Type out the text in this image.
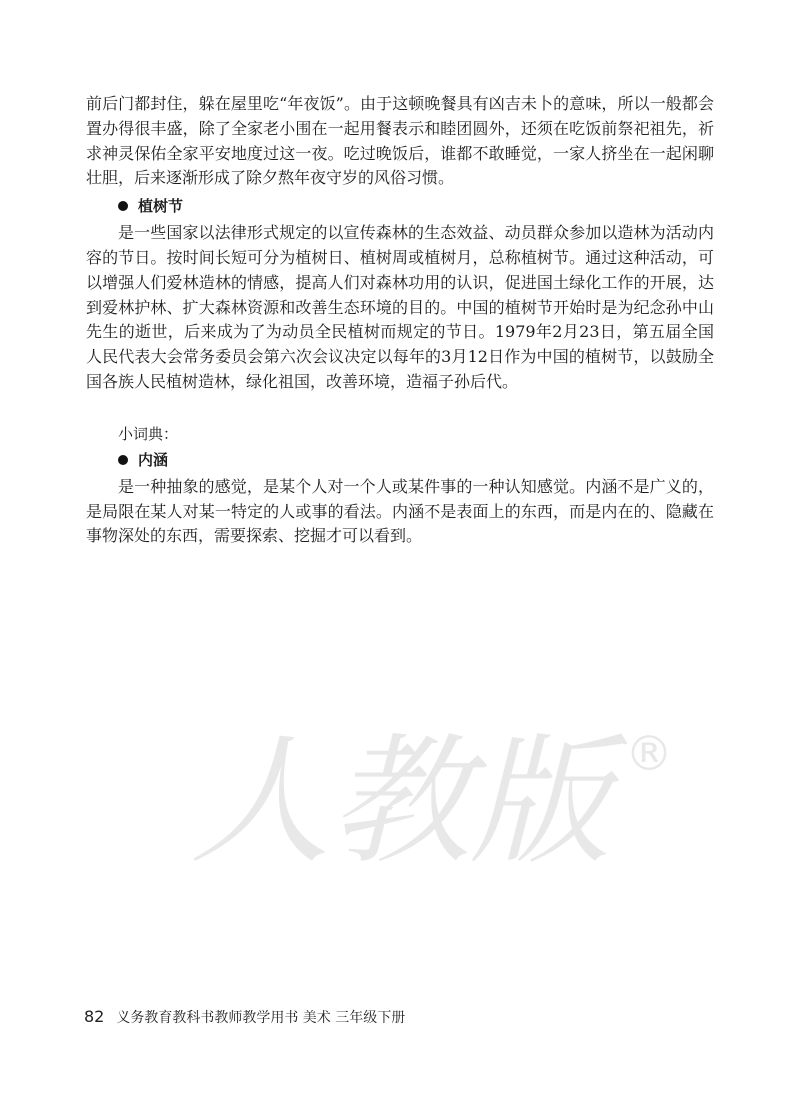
前后门都封住，躲在屋里吃“年夜饭”。由于这顿晚餐具有凶吉未卜的意味，所以一般都会置办得很丰盛，除了全家老小围在一起用餐表示和睦团圆外，还须在吃饭前祭祀祖先，祈求神灵保佑全家平安地度过这一夜。吃过晚饭后，谁都不敢睡觉，一家人挤坐在一起闲聊壮胆，后来逐渐形成了除夕熬年夜守岁的风俗习惯。

植树节

是一些国家以法律形式规定的以宣传森林的生态效益、动员群众参加以造林为活动内容的节日。按时间长短可分为植树日、植树周或植树月，总称植树节。通过这种活动，可以增强人们爱林造林的情感，提高人们对森林功用的认识，促进国土绿化工作的开展，达到爱林护林、扩大森林资源和改善生态环境的目的。中国的植树节开始时是为纪念孙中山先生的逝世，后来成为了为动员全民植树而规定的节日。1979年2月23日，第五届全国人民代表大会常务委员会第六次会议决定以每年的3月12日作为中国的植树节，以鼓励全国各族人民植树造林，绿化祖国，改善环境，造福子孙后代。

小词典：
内涵

是一种抽象的感觉，是某个人对一个人或某件事的一种认知感觉。内涵不是广义的，是局限在某人对某一特定的人或事的看法。内涵不是表面上的东西，而是内在的、隐藏在事物深处的东西，需要探索、挖掘才可以看到。

人教版 ®
82 义务教育教科书教师教学用书 美术 三年级下册
